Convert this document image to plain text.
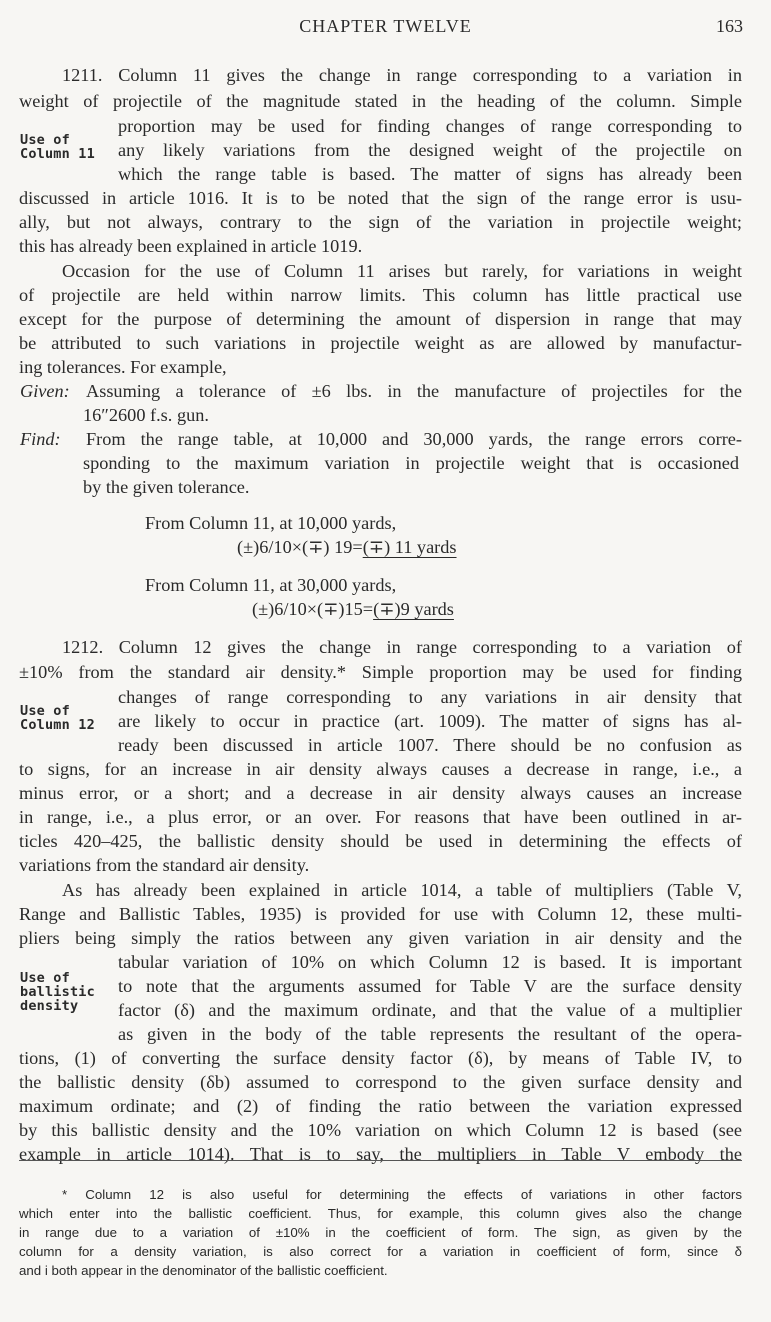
CHAPTER TWELVE	163
1211. Column 11 gives the change in range corresponding to a variation in
weight of projectile of the magnitude stated in the heading of the column. Simple
proportion may be used for finding changes of range corresponding to
any likely variations from the designed weight of the projectile on
which the range table is based. The matter of signs has already been
discussed in article 1016. It is to be noted that the sign of the range error is usu-
ally, but not always, contrary to the sign of the variation in projectile weight;
this has already been explained in article 1019.
Use of
Column 11
Occasion for the use of Column 11 arises but rarely, for variations in weight
of projectile are held within narrow limits. This column has little practical use
except for the purpose of determining the amount of dispersion in range that may
be attributed to such variations in projectile weight as are allowed by manufactur-
ing tolerances. For example,
Given: Assuming a tolerance of ±6 lbs. in the manufacture of projectiles for the
16″2600 f.s. gun.
Find: From the range table, at 10,000 and 30,000 yards, the range errors corre-
sponding to the maximum variation in projectile weight that is occasioned
by the given tolerance.
From Column 11, at 10,000 yards,
(±)6/10×(∓) 19=(∓) 11 yards
From Column 11, at 30,000 yards,
(±)6/10×(∓)15=(∓)9 yards
1212. Column 12 gives the change in range corresponding to a variation of
±10% from the standard air density.* Simple proportion may be used for finding
changes of range corresponding to any variations in air density that
are likely to occur in practice (art. 1009). The matter of signs has al-
ready been discussed in article 1007. There should be no confusion as
to signs, for an increase in air density always causes a decrease in range, i.e., a
minus error, or a short; and a decrease in air density always causes an increase
in range, i.e., a plus error, or an over. For reasons that have been outlined in ar-
ticles 420–425, the ballistic density should be used in determining the effects of
variations from the standard air density.
Use of
Column 12
As has already been explained in article 1014, a table of multipliers (Table V,
Range and Ballistic Tables, 1935) is provided for use with Column 12, these multi-
pliers being simply the ratios between any given variation in air density and the
tabular variation of 10% on which Column 12 is based. It is important
to note that the arguments assumed for Table V are the surface density
factor (δ) and the maximum ordinate, and that the value of a multiplier
as given in the body of the table represents the resultant of the opera-
tions, (1) of converting the surface density factor (δ), by means of Table IV, to
the ballistic density (δb) assumed to correspond to the given surface density and
maximum ordinate; and (2) of finding the ratio between the variation expressed
by this ballistic density and the 10% variation on which Column 12 is based (see
example in article 1014). That is to say, the multipliers in Table V embody the
Use of
ballistic
density
* Column 12 is also useful for determining the effects of variations in other factors
which enter into the ballistic coefficient. Thus, for example, this column gives also the change
in range due to a variation of ±10% in the coefficient of form. The sign, as given by the
column for a density variation, is also correct for a variation in coefficient of form, since δ
and i both appear in the denominator of the ballistic coefficient.
